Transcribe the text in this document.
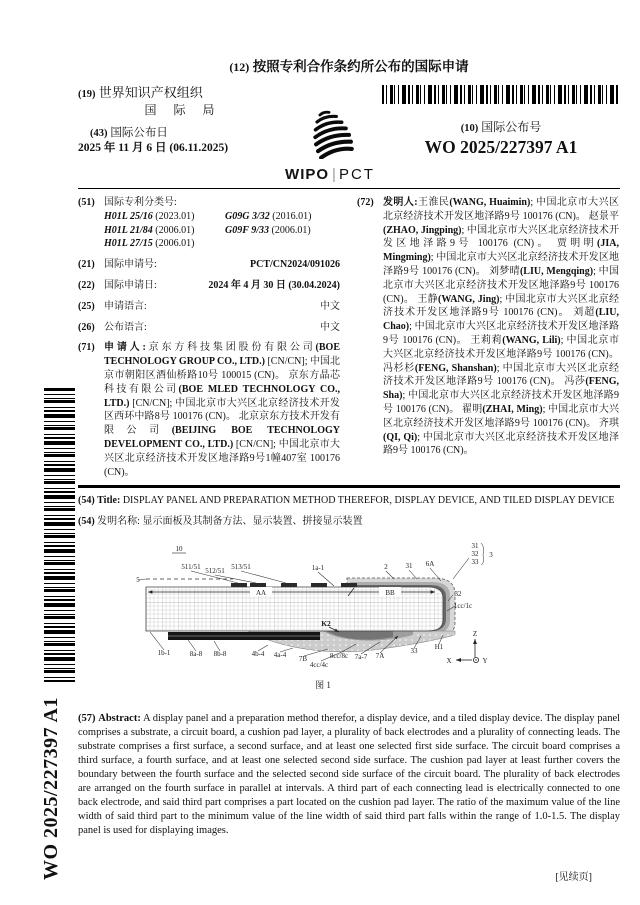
WO 2025/227397 A1
(12) 按照专利合作条约所公布的国际申请
(19) 世界知识产权组织
国 际 局
(43) 国际公布日
2025 年 11 月 6 日 (06.11.2025)
WIPO | PCT
(10) 国际公布号
WO 2025/227397 A1
(51) 国际专利分类号:
H01L 25/16 (2023.01)	G09G 3/32 (2016.01)
H01L 21/84 (2006.01)	G09F 9/33 (2006.01)
H01L 27/15 (2006.01)
(21) 国际申请号:	PCT/CN2024/091026
(22) 国际申请日:	2024 年 4 月 30 日 (30.04.2024)
(25) 申请语言:	中文
(26) 公布语言:	中文
(71) 申请人:京东方科技集团股份有限公司(BOE TECHNOLOGY GROUP CO., LTD.) [CN/CN]; 中国北京市朝阳区酒仙桥路10号 100015 (CN)。 京东方晶芯科技有限公司(BOE MLED TECHNOLOGY CO., LTD.) [CN/CN]; 中国北京市大兴区北京经济技术开发区西环中路8号 100176 (CN)。 北京京东方技术开发有限公司(BEIJING BOE TECHNOLOGY DEVELOPMENT CO., LTD.) [CN/CN]; 中国北京市大兴区北京经济技术开发区地泽路9号1幢407室 100176 (CN)。
(72) 发明人:王淮民(WANG, Huaimin); 中国北京市大兴区北京经济技术开发区地泽路9号 100176 (CN)。 赵景平(ZHAO, Jingping); 中国北京市大兴区北京经济技术开发区地泽路9号 100176 (CN)。 贾明明(JIA, Mingming); 中国北京市大兴区北京经济技术开发区地泽路9号 100176 (CN)。 刘梦晴(LIU, Mengqing); 中国北京市大兴区北京经济技术开发区地泽路9号 100176 (CN)。 王静(WANG, Jing); 中国北京市大兴区北京经济技术开发区地泽路9号 100176 (CN)。 刘超(LIU, Chao); 中国北京市大兴区北京经济技术开发区地泽路9号 100176 (CN)。 王莉莉(WANG, Lili); 中国北京市大兴区北京经济技术开发区地泽路9号 100176 (CN)。 冯杉杉(FENG, Shanshan); 中国北京市大兴区北京经济技术开发区地泽路9号 100176 (CN)。 冯莎(FENG, Sha); 中国北京市大兴区北京经济技术开发区地泽路9号 100176 (CN)。 翟明(ZHAI, Ming); 中国北京市大兴区北京经济技术开发区地泽路9号 100176 (CN)。 齐琪(QI, Qi); 中国北京市大兴区北京经济技术开发区地泽路9号 100176 (CN)。
(54) Title: DISPLAY PANEL AND PREPARATION METHOD THEREFOR, DISPLAY DEVICE, AND TILED DISPLAY DEVICE
(54) 发明名称: 显示面板及其制备方法、显示装置、拼接显示装置
10
511/51 512/51 513/51	1a-1	2	31 6A
31
32
33
3
5
AA	BB	32
1cc/1c
K2
1b-1	8a-8 8b-8	4b-4 4a-4 7B
4cc/4c
8cc/8c 7a-7 7A
33 H1
Z
X	Y
图 1
(57) Abstract: A display panel and a preparation method therefor, a display device, and a tiled display device. The display panel comprises a substrate, a circuit board, a cushion pad layer, a plurality of back electrodes and a plurality of connecting leads. The substrate comprises a first surface, a second surface, and at least one selected first side surface. The circuit board comprises a third surface, a fourth surface, and at least one selected second side surface. The cushion pad layer at least further covers the boundary between the fourth surface and the selected second side surface of the circuit board. The plurality of back electrodes are arranged on the fourth surface in parallel at intervals. A third part of each connecting lead is electrically connected to one back electrode, and said third part comprises a part located on the cushion pad layer. The ratio of the maximum value of the line width of said third part to the minimum value of the line width of said third part falls within the range of 1.0-1.5. The display panel is used for displaying images.
[见续页]
